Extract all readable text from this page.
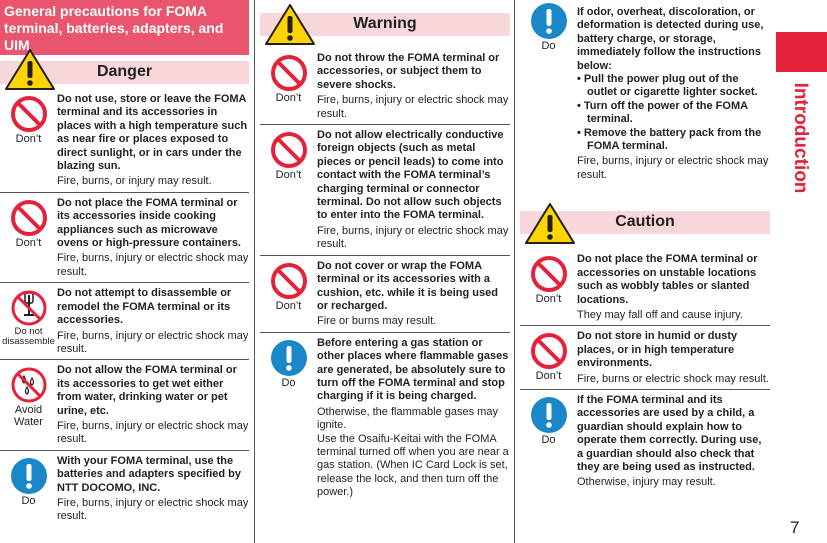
General precautions for FOMA terminal, batteries, adapters, and UIM
Danger
Don’t
Do not use, store or leave the FOMA terminal and its accessories in places with a high temperature such as near fire or places exposed to direct sunlight, or in cars under the blazing sun.
Fire, burns, or injury may result.
Don’t
Do not place the FOMA terminal or its accessories inside cooking appliances such as microwave ovens or high-pressure containers.
Fire, burns, injury or electric shock may result.
Do not disassemble
Do not attempt to disassemble or remodel the FOMA terminal or its accessories.
Fire, burns, injury or electric shock may result.
Avoid Water
Do not allow the FOMA terminal or its accessories to get wet either from water, drinking water or pet urine, etc.
Fire, burns, injury or electric shock may result.
Do
With your FOMA terminal, use the batteries and adapters specified by NTT DOCOMO, INC.
Fire, burns, injury or electric shock may result.
Warning
Don’t
Do not throw the FOMA terminal or accessories, or subject them to severe shocks.
Fire, burns, injury or electric shock may result.
Don’t
Do not allow electrically conductive foreign objects (such as metal pieces or pencil leads) to come into contact with the FOMA terminal’s charging terminal or connector terminal. Do not allow such objects to enter into the FOMA terminal.
Fire, burns, injury or electric shock may result.
Don’t
Do not cover or wrap the FOMA terminal or its accessories with a cushion, etc. while it is being used or recharged.
Fire or burns may result.
Do
Before entering a gas station or other places where flammable gases are generated, be absolutely sure to turn off the FOMA terminal and stop charging if it is being charged.
Otherwise, the flammable gases may ignite.
Use the Osaifu-Keitai with the FOMA terminal turned off when you are near a gas station. (When IC Card Lock is set, release the lock, and then turn off the power.)
Do
If odor, overheat, discoloration, or deformation is detected during use, battery charge, or storage, immediately follow the instructions below:
• Pull the power plug out of the outlet or cigarette lighter socket.
• Turn off the power of the FOMA terminal.
• Remove the battery pack from the FOMA terminal.
Fire, burns, injury or electric shock may result.
Caution
Don’t
Do not place the FOMA terminal or accessories on unstable locations such as wobbly tables or slanted locations.
They may fall off and cause injury.
Don’t
Do not store in humid or dusty places, or in high temperature environments.
Fire, burns or electric shock may result.
Do
If the FOMA terminal and its accessories are used by a child, a guardian should explain how to operate them correctly. During use, a guardian should also check that they are being used as instructed.
Otherwise, injury may result.
Introduction
7
